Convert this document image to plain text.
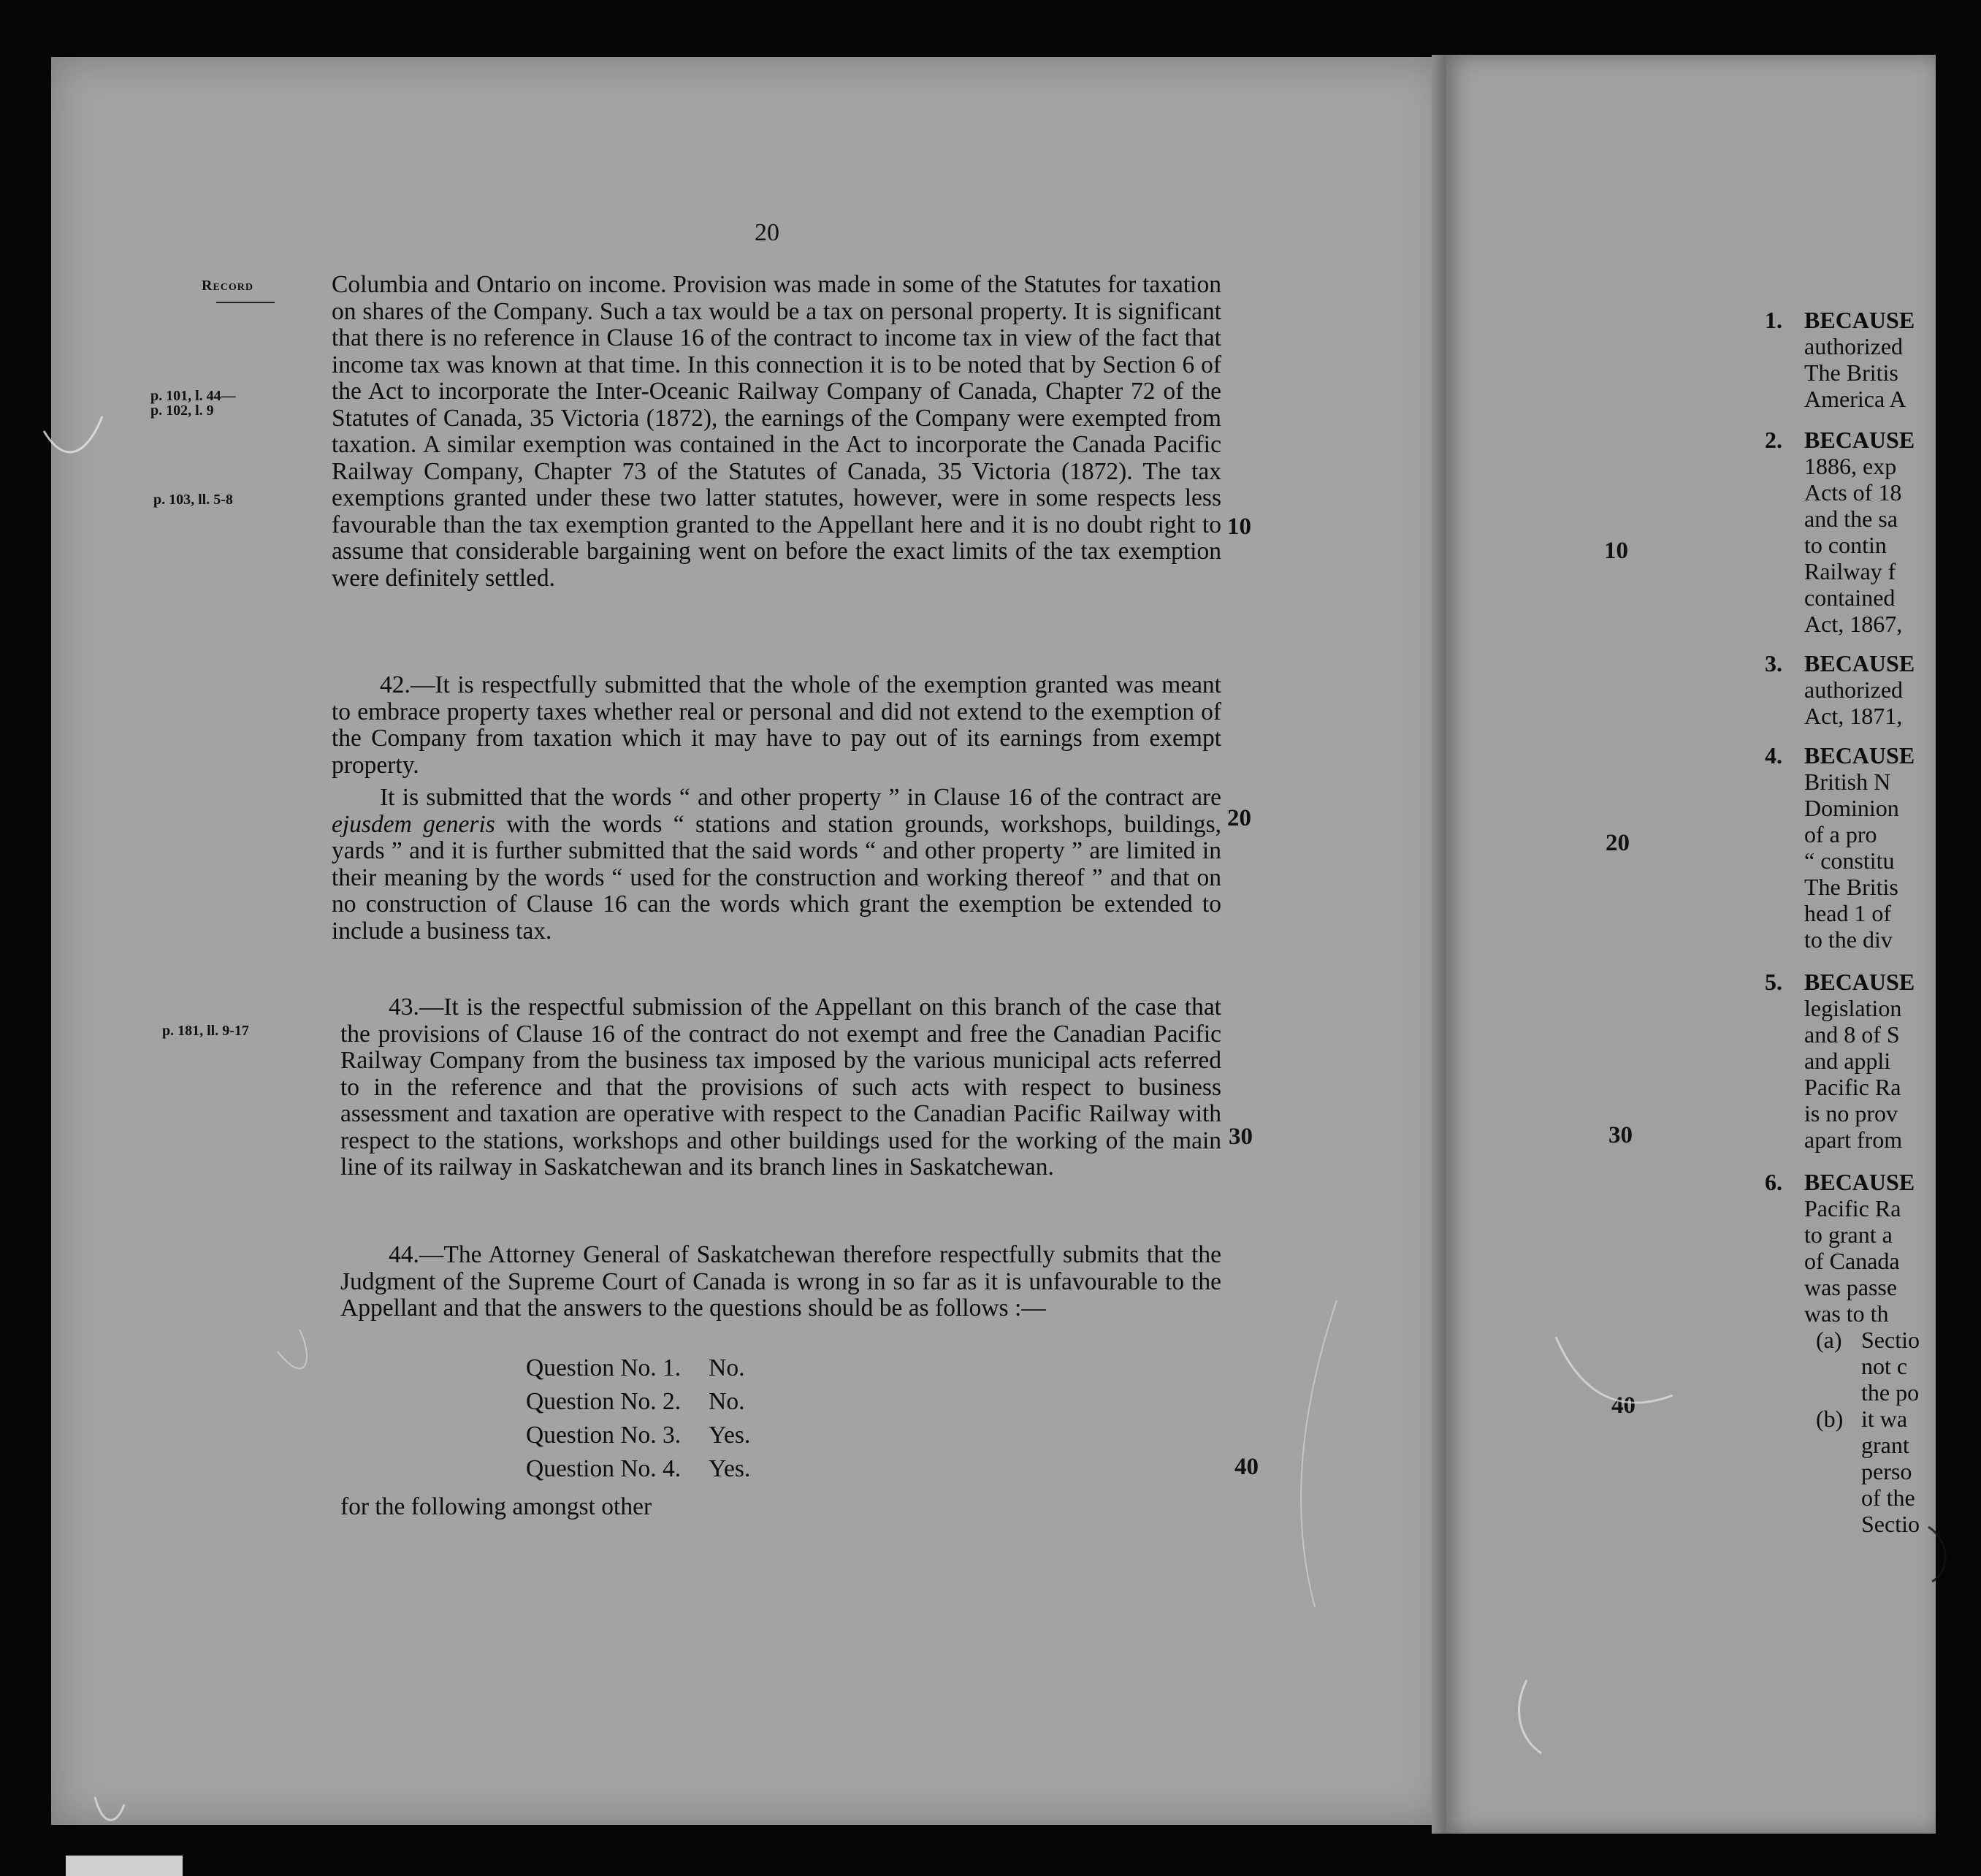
20
Record
p. 101, l. 44—
p. 102, l. 9
p. 103, ll. 5-8
p. 181, ll. 9-17

Columbia and Ontario on income. Provision was made in some of the Statutes for taxation on shares of the Company. Such a tax would be a tax on personal property. It is significant that there is no reference in Clause 16 of the contract to income tax in view of the fact that income tax was known at that time. In this connection it is to be noted that by Section 6 of the Act to incorporate the Inter-Oceanic Railway Company of Canada, Chapter 72 of the Statutes of Canada, 35 Victoria (1872), the earnings of the Company were exempted from taxation. A similar exemption was contained in the Act to incorporate the Canada Pacific Railway Company, Chapter 73 of the Statutes of Canada, 35 Victoria (1872). The tax exemptions granted under these two latter statutes, however, were in some respects less favourable than the tax exemption granted to the Appellant here and it is no doubt right to assume that considerable bargaining went on before the exact limits of the tax exemption were definitely settled.

42.—It is respectfully submitted that the whole of the exemption granted was meant to embrace property taxes whether real or personal and did not extend to the exemption of the Company from taxation which it may have to pay out of its earnings from exempt property.

It is submitted that the words “ and other property ” in Clause 16 of the contract are ejusdem generis with the words “ stations and station grounds, workshops, buildings, yards ” and it is further submitted that the said words “ and other property ” are limited in their meaning by the words “ used for the construction and working thereof ” and that on no construction of Clause 16 can the words which grant the exemption be extended to include a business tax.

43.—It is the respectful submission of the Appellant on this branch of the case that the provisions of Clause 16 of the contract do not exempt and free the Canadian Pacific Railway Company from the business tax imposed by the various municipal acts referred to in the reference and that the provisions of such acts with respect to business assessment and taxation are operative with respect to the Canadian Pacific Railway with respect to the stations, workshops and other buildings used for the working of the main line of its railway in Saskatchewan and its branch lines in Saskatchewan.

44.—The Attorney General of Saskatchewan therefore respectfully submits that the Judgment of the Supreme Court of Canada is wrong in so far as it is unfavourable to the Appellant and that the answers to the questions should be as follows :—

Question No. 1.	No.
Question No. 2.	No.
Question No. 3.	Yes.
Question No. 4.	Yes.
for the following amongst other
10
20
30
40
10
20
30
40
1. BECAUSE
authorized
The Britis
America A
2. BECAUSE
1886, exp
Acts of 18
and the sa
to contin
Railway f
contained
Act, 1867,
3. BECAUSE
authorized
Act, 1871,
4. BECAUSE
British N
Dominion
of a pro
“ constitu
The Britis
head 1 of
to the div
5. BECAUSE
legislation
and 8 of S
and appli
Pacific Ra
is no prov
apart from
6. BECAUSE
Pacific Ra
to grant a
of Canada
was passe
was to th
(a) Sectio
not c
the po
(b) it wa
grant
perso
of the
Sectio
